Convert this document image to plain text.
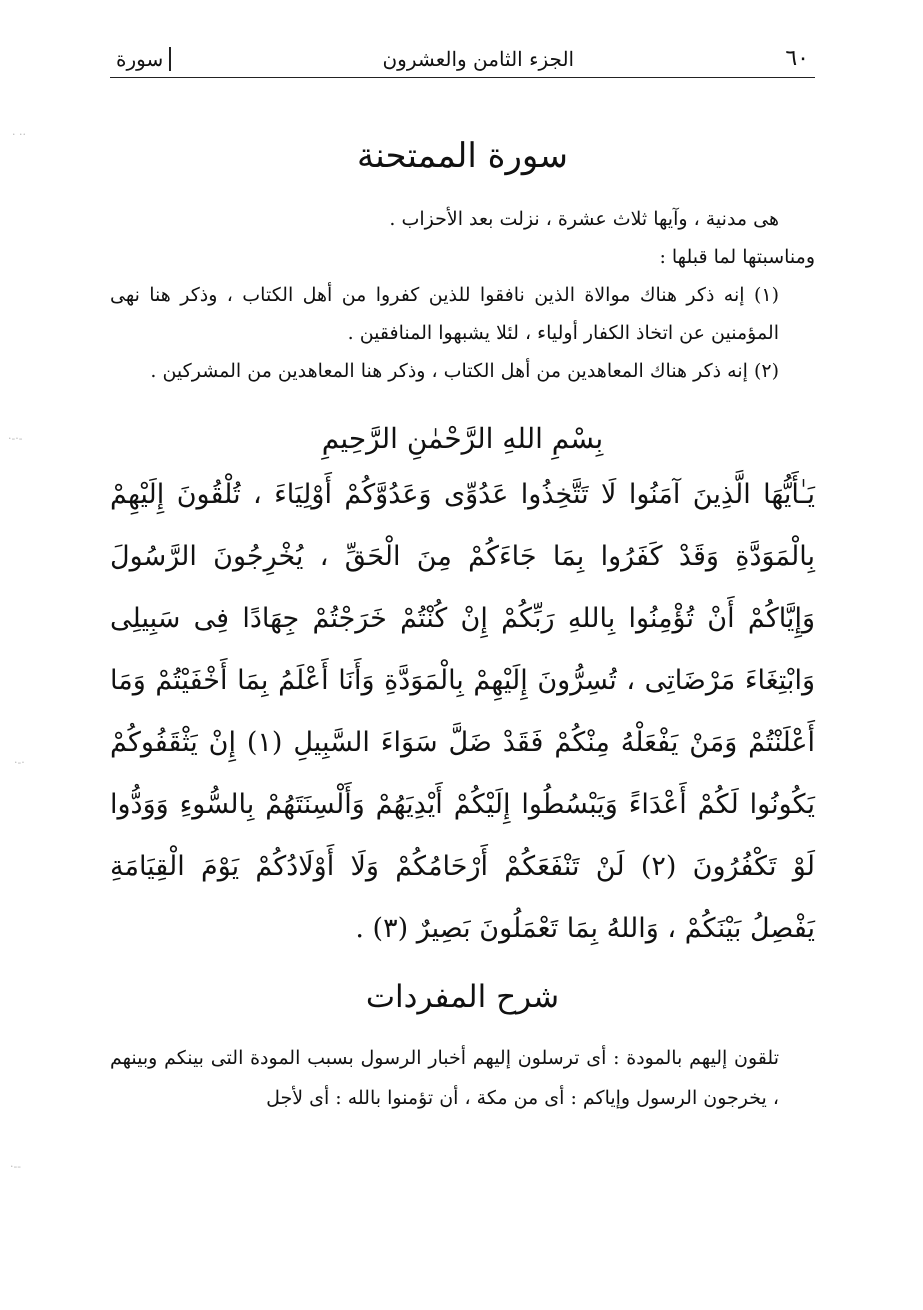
· ··
·-·-
·-·
·--
٦٠
الجزء الثامن والعشرون
سورة
سورة الممتحنة

هى مدنية ، وآيها ثلاث عشرة ، نزلت بعد الأحزاب .

ومناسبتها لما قبلها :

(١) إنه ذكر هناك موالاة الذين نافقوا للذين كفروا من أهل الكتاب ، وذكر هنا نهى المؤمنين عن اتخاذ الكفار أولياء ، لئلا يشبهوا المنافقين .

(٢) إنه ذكر هناك المعاهدين من أهل الكتاب ، وذكر هنا المعاهدين من المشركين .

بِسْمِ اللهِ الرَّحْمٰنِ الرَّحِيمِ
يَـٰأَيُّهَا الَّذِينَ آمَنُوا لَا تَتَّخِذُوا عَدُوِّى وَعَدُوَّكُمْ أَوْلِيَاءَ ، تُلْقُونَ إِلَيْهِمْ بِالْمَوَدَّةِ وَقَدْ كَفَرُوا بِمَا جَاءَكُمْ مِنَ الْحَقِّ ، يُخْرِجُونَ الرَّسُولَ وَإِيَّاكُمْ أَنْ تُؤْمِنُوا بِاللهِ رَبِّكُمْ إِنْ كُنْتُمْ خَرَجْتُمْ جِهَادًا فِى سَبِيلِى وَابْتِغَاءَ مَرْضَاتِى ، تُسِرُّونَ إِلَيْهِمْ بِالْمَوَدَّةِ وَأَنَا أَعْلَمُ بِمَا أَخْفَيْتُمْ وَمَا أَعْلَنْتُمْ وَمَنْ يَفْعَلْهُ مِنْكُمْ فَقَدْ ضَلَّ سَوَاءَ السَّبِيلِ (١) إِنْ يَثْقَفُوكُمْ يَكُونُوا لَكُمْ أَعْدَاءً وَيَبْسُطُوا إِلَيْكُمْ أَيْدِيَهُمْ وَأَلْسِنَتَهُمْ بِالسُّوءِ وَوَدُّوا لَوْ تَكْفُرُونَ (٢) لَنْ تَنْفَعَكُمْ أَرْحَامُكُمْ وَلَا أَوْلَادُكُمْ يَوْمَ الْقِيَامَةِ يَفْصِلُ بَيْنَكُمْ ، وَاللهُ بِمَا تَعْمَلُونَ بَصِيرٌ (٣) .
شرح المفردات

تلقون إليهم بالمودة : أى ترسلون إليهم أخبار الرسول بسبب المودة التى بينكم وبينهم ، يخرجون الرسول وإياكم : أى من مكة ، أن تؤمنوا بالله : أى لأجل
